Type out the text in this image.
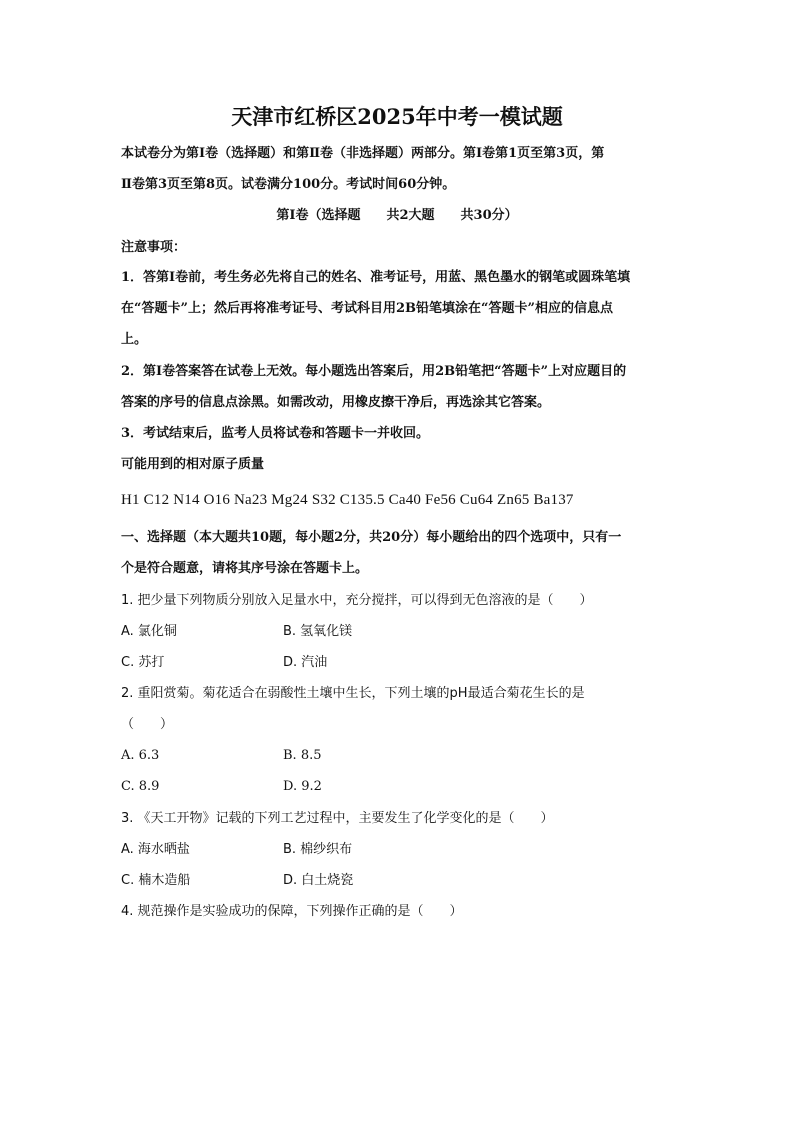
天津市红桥区2025年中考一模试题
本试卷分为第Ⅰ卷（选择题）和第Ⅱ卷（非选择题）两部分。第Ⅰ卷第1页至第3页，第
Ⅱ卷第3页至第8页。试卷满分100分。考试时间60分钟。
第Ⅰ卷（选择题　　共2大题　　共30分）
注意事项：
1．答第Ⅰ卷前，考生务必先将自己的姓名、准考证号，用蓝、黑色墨水的钢笔或圆珠笔填
在“答题卡”上；然后再将准考证号、考试科目用2B铅笔填涂在“答题卡”相应的信息点
上。
2．第Ⅰ卷答案答在试卷上无效。每小题选出答案后，用2B铅笔把“答题卡”上对应题目的
答案的序号的信息点涂黑。如需改动，用橡皮擦干净后，再选涂其它答案。
3．考试结束后，监考人员将试卷和答题卡一并收回。
可能用到的相对原子质量
H1 C12 N14 O16 Na23 Mg24 S32 C135.5 Ca40 Fe56 Cu64 Zn65 Ba137
一、选择题（本大题共10题，每小题2分，共20分）每小题给出的四个选项中，只有一
个是符合题意，请将其序号涂在答题卡上。
1. 把少量下列物质分别放入足量水中，充分搅拌，可以得到无色溶液的是（　　）
A. 氯化铜	B. 氢氧化镁
C. 苏打	D. 汽油
2. 重阳赏菊。菊花适合在弱酸性土壤中生长，下列土壤的pH最适合菊花生长的是
（　　）
A. 6.3	B. 8.5
C. 8.9	D. 9.2
3. 《天工开物》记载的下列工艺过程中，主要发生了化学变化的是（　　）
A. 海水晒盐	B. 棉纱织布
C. 楠木造船	D. 白土烧瓷
4. 规范操作是实验成功的保障，下列操作正确的是（　　）
